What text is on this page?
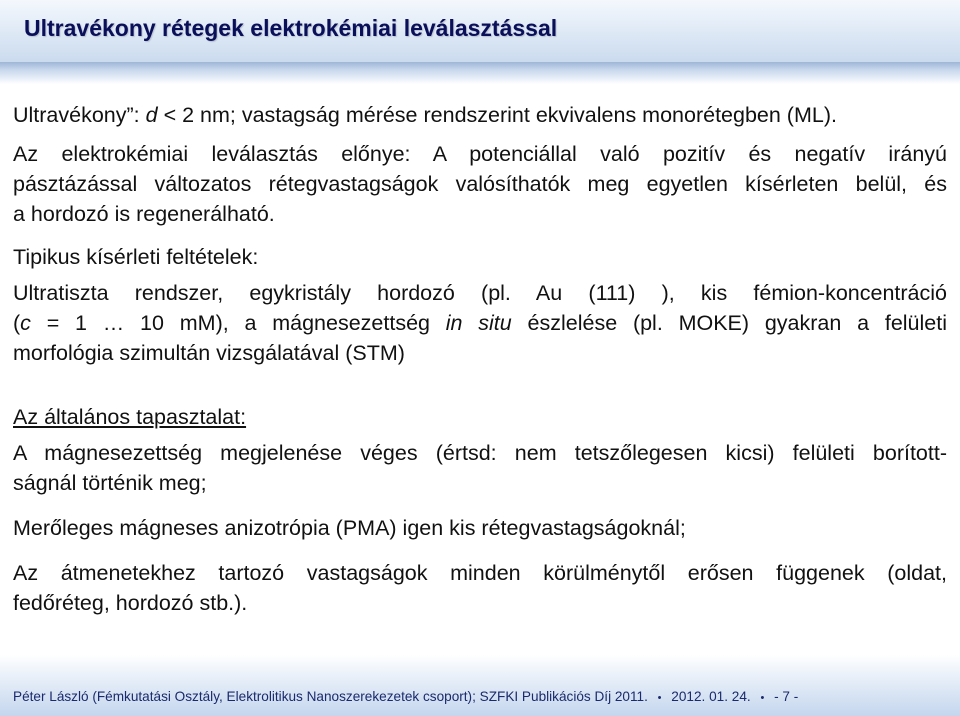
Ultravékony rétegek elektrokémiai leválasztással
Ultravékony”: d < 2 nm; vastagság mérése rendszerint ekvivalens monorétegben (ML).
Az elektrokémiai leválasztás előnye: A potenciállal való pozitív és negatív irányú
pásztázással változatos rétegvastagságok valósíthatók meg egyetlen kísérleten belül, és
a hordozó is regenerálható.
Tipikus kísérleti feltételek:
Ultratiszta rendszer, egykristály hordozó (pl. Au (111) ), kis fémion-koncentráció
(c = 1 … 10 mM), a mágnesezettség in situ észlelése (pl. MOKE) gyakran a felületi
morfológia szimultán vizsgálatával (STM)
Az általános tapasztalat:
A mágnesezettség megjelenése véges (értsd: nem tetszőlegesen kicsi) felületi borított-
ságnál történik meg;
Merőleges mágneses anizotrópia (PMA) igen kis rétegvastagságoknál;
Az átmenetekhez tartozó vastagságok minden körülménytől erősen függenek (oldat,
fedőréteg, hordozó stb.).
Péter László (Fémkutatási Osztály, Elektrolitikus Nanoszerekezetek csoport); SZFKI Publikációs Díj 2011. • 2012. 01. 24. • - 7 -
